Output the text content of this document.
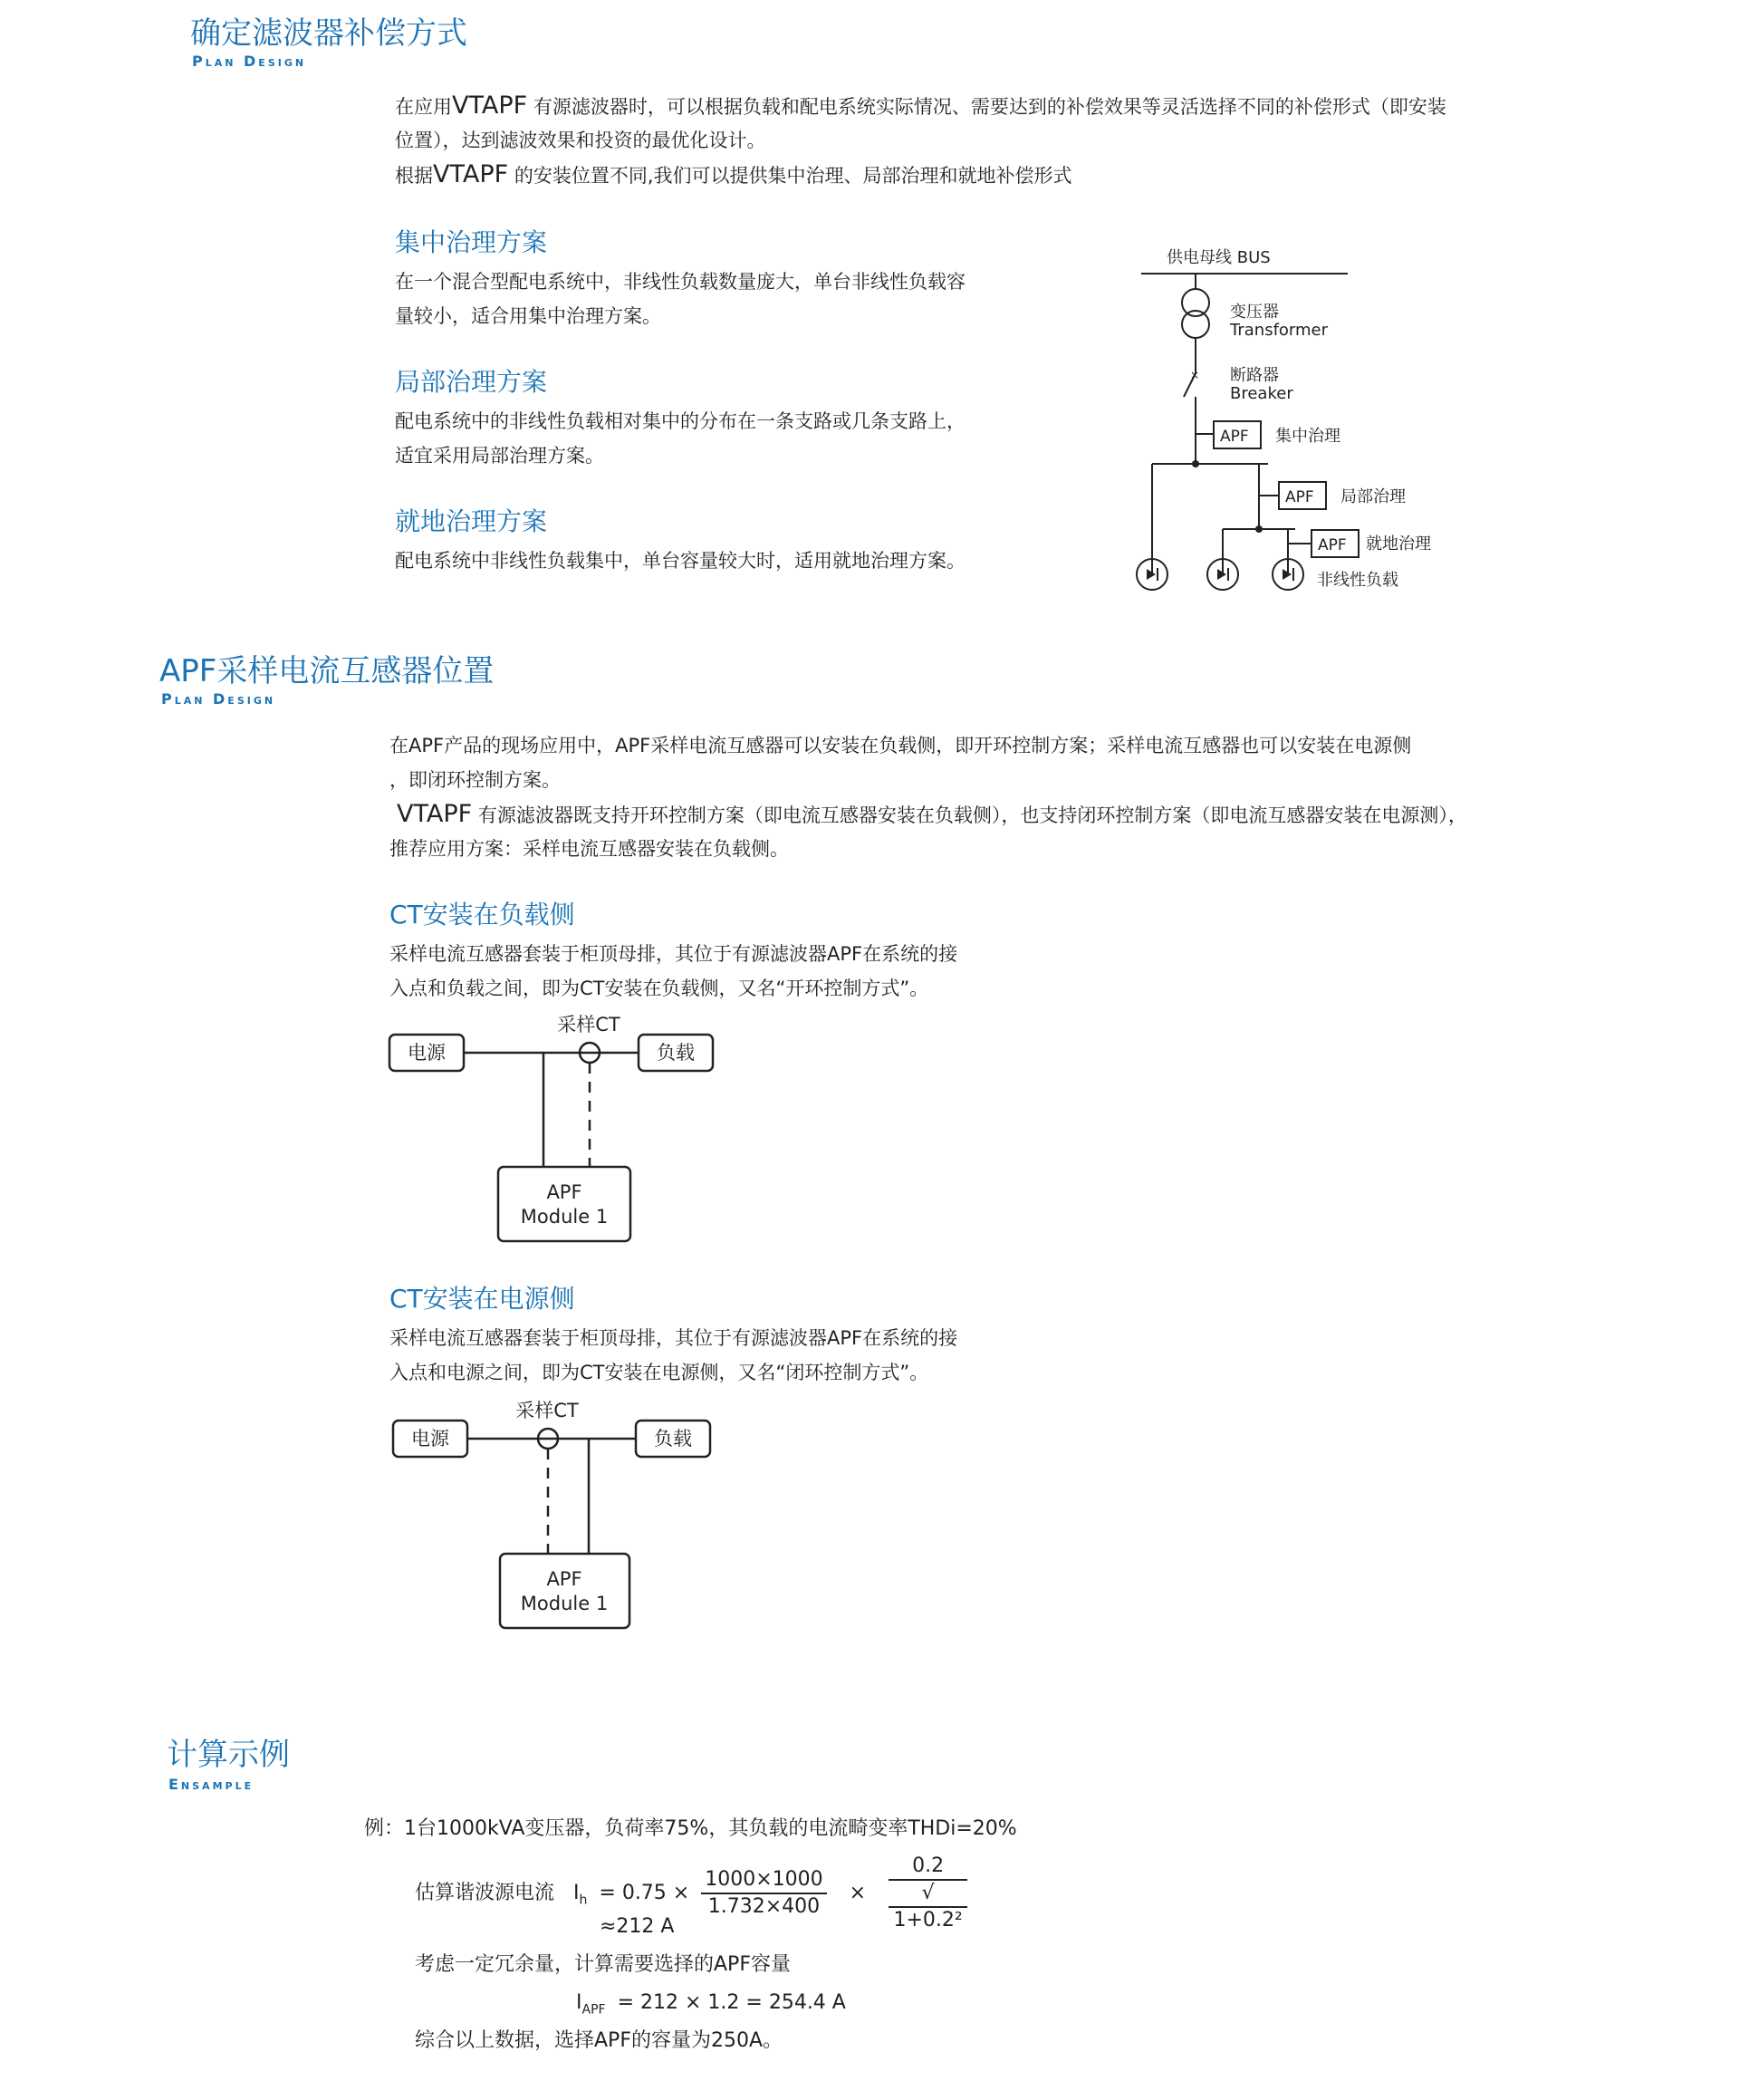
确定滤波器补偿方式
Plan Design
在应用VTAPF 有源滤波器时，可以根据负载和配电系统实际情况、需要达到的补偿效果等灵活选择不同的补偿形式（即安装
位置），达到滤波效果和投资的最优化设计。
根据VTAPF 的安装位置不同,我们可以提供集中治理、局部治理和就地补偿形式
集中治理方案
在一个混合型配电系统中，非线性负载数量庞大，单台非线性负载容
量较小，适合用集中治理方案。
局部治理方案
配电系统中的非线性负载相对集中的分布在一条支路或几条支路上，
适宜采用局部治理方案。
就地治理方案
配电系统中非线性负载集中，单台容量较大时，适用就地治理方案。
×
供电母线 BUS
变压器
Transformer
断路器
Breaker
APF 集中治理
APF 局部治理
APF 就地治理
非线性负载
APF采样电流互感器位置
Plan Design
在APF产品的现场应用中，APF采样电流互感器可以安装在负载侧，即开环控制方案；采样电流互感器也可以安装在电源侧
，即闭环控制方案。
VTAPF 有源滤波器既支持开环控制方案（即电流互感器安装在负载侧），也支持闭环控制方案（即电流互感器安装在电源测），
推荐应用方案：采样电流互感器安装在负载侧。
CT安装在负载侧
采样电流互感器套装于柜顶母排，其位于有源滤波器APF在系统的接
入点和负载之间，即为CT安装在负载侧，又名“开环控制方式”。
电源	负载
采样CT
APF
Module 1
CT安装在电源侧
采样电流互感器套装于柜顶母排，其位于有源滤波器APF在系统的接
入点和电源之间，即为CT安装在电源侧，又名“闭环控制方式”。
电源	负载
采样CT
APF
Module 1
计算示例
Ensample
例：1台1000kVA变压器，负荷率75%，其负载的电流畸变率THDi=20%
估算谐波源电流 $I_h = 0.75 \times \frac{1000\times 1000}{1.732\times 400} \times 0.2$
√
1+0.2²
≈212 A
考虑一定冗余量，计算需要选择的APF容量
$I_{APF} = 212 \times 1.2 = 254.4$ A
综合以上数据，选择APF的容量为250A。
